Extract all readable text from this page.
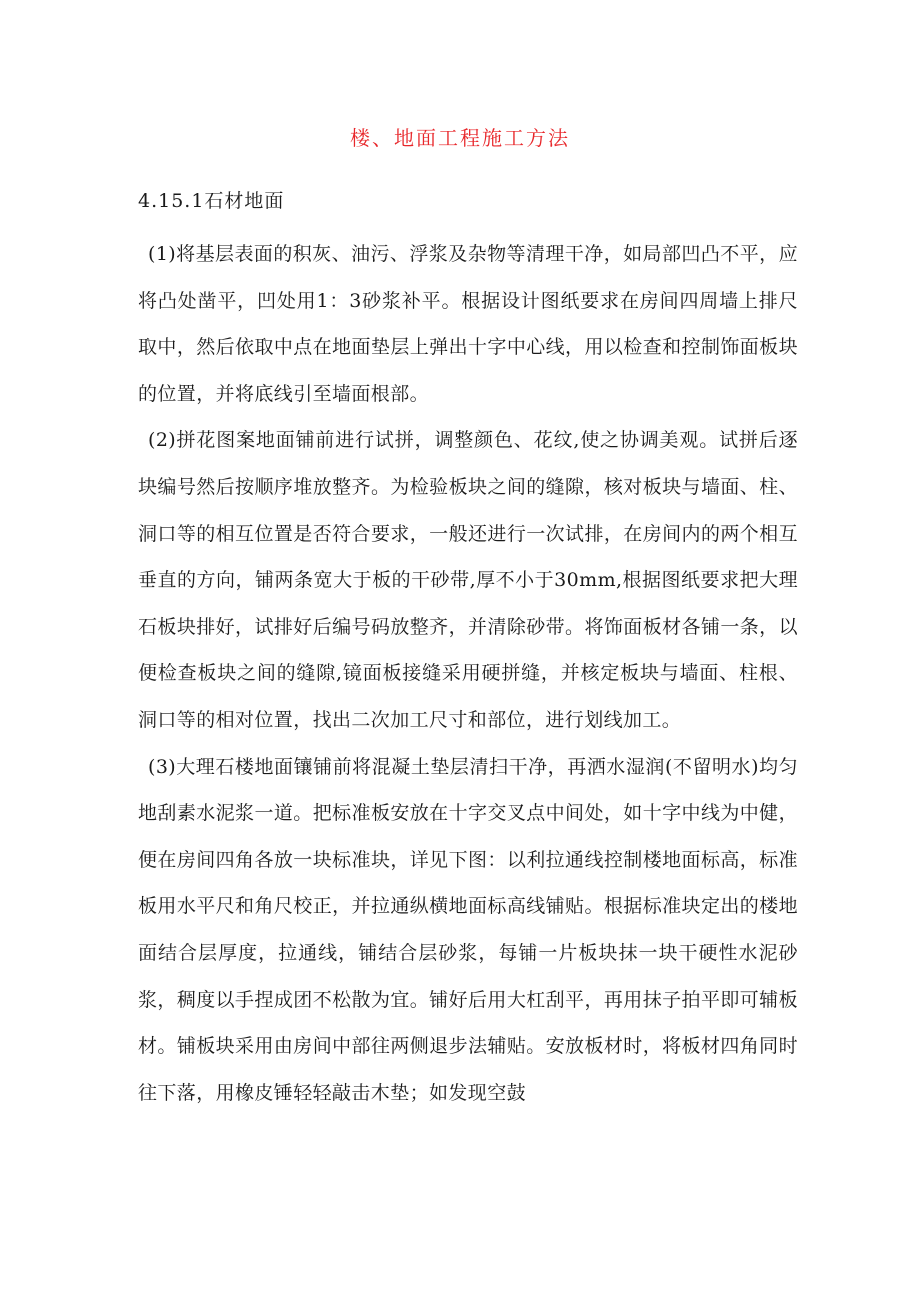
楼、地面工程施工方法
4.15.1石材地面

(1)将基层表面的积灰、油污、浮浆及杂物等清理干净，如局部凹凸不平，应将凸处凿平，凹处用1：3砂浆补平。根据设计图纸要求在房间四周墙上排尺取中，然后依取中点在地面垫层上弹出十字中心线，用以检查和控制饰面板块的位置，并将底线引至墙面根部。

(2)拼花图案地面铺前进行试拼，调整颜色、花纹,使之协调美观。试拼后逐块编号然后按顺序堆放整齐。为检验板块之间的缝隙，核对板块与墙面、柱、洞口等的相互位置是否符合要求，一般还进行一次试排，在房间内的两个相互垂直的方向，铺两条宽大于板的干砂带,厚不小于30mm,根据图纸要求把大理石板块排好，试排好后编号码放整齐，并清除砂带。将饰面板材各铺一条，以便检查板块之间的缝隙,镜面板接缝采用硬拼缝，并核定板块与墙面、柱根、洞口等的相对位置，找出二次加工尺寸和部位，进行划线加工。

(3)大理石楼地面镶铺前将混凝土垫层清扫干净，再洒水湿润(不留明水)均匀地刮素水泥浆一道。把标准板安放在十字交叉点中间处，如十字中线为中健，便在房间四角各放一块标准块，详见下图：以利拉通线控制楼地面标高，标准板用水平尺和角尺校正，并拉通纵横地面标高线铺贴。根据标准块定出的楼地面结合层厚度，拉通线，铺结合层砂浆，每铺一片板块抹一块干硬性水泥砂浆，稠度以手捏成团不松散为宜。铺好后用大杠刮平，再用抹子拍平即可辅板材。铺板块采用由房间中部往两侧退步法辅贴。安放板材时，将板材四角同时往下落，用橡皮锤轻轻敲击木垫；如发现空鼓
